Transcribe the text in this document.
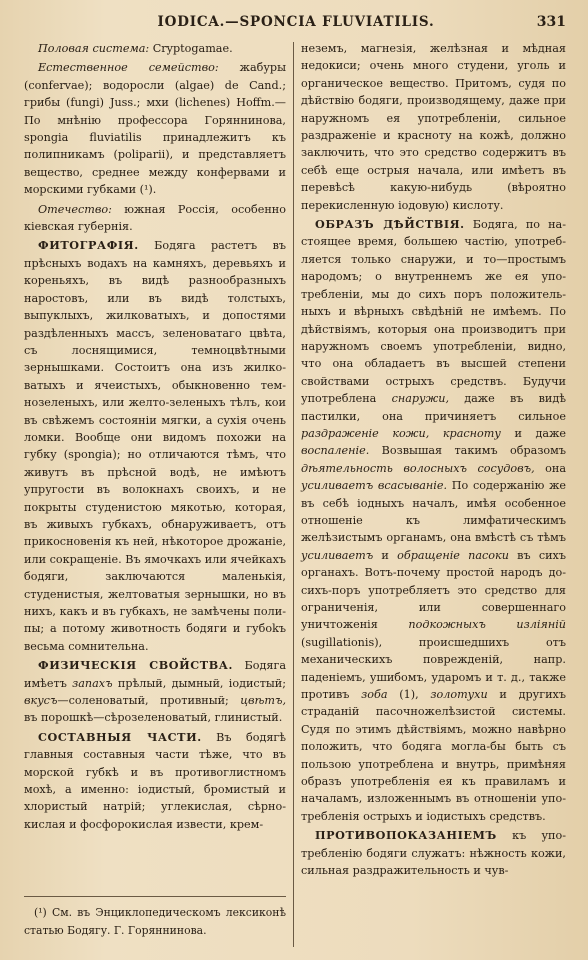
IODICA.—SPONCIA FLUVIATILIS.	331

Половая система: Cryptogamae.

Естественное семейство: жабуры (confervae); водоросли (algae) de Cand.; грибы (fungi) Juss.; мхи (lichenes) Hoffm.— По мнѣнію профессора Горяннинова, spongia fluviatilis принадлежитъ къ полипникамъ (poliparii), и представляетъ вещество, среднее между конфервами и морскими губками (¹).

Отечество: южная Россія, особенно кіевская губернія.

ФИТОГРАФІЯ. Бодяга растетъ въ прѣсныхъ водахъ на камняхъ, деревьяхъ и кореньяхъ, въ видѣ разнообразныхъ наростовъ, или въ видѣ толстыхъ, выпуклыхъ, жилковатыхъ, и дoпостями раздѣленныхъ массъ, зеленоватаго цвѣта, съ лоснящимися, темноцвѣтными зернышками. Состоитъ она изъ жилковатыхъ и ячеистыхъ, обыкновенно темнозеленыхъ, или желто-зеленыхъ тѣлъ, кои въ свѣжемъ состояніи мягки, а сухія очень ломки. Вообще они видомъ похожи на губку (spongia); но отличаются тѣмъ, что живутъ въ прѣсной водѣ, не имѣютъ упругости въ волокнахъ своихъ, и не покрыты студенистою мякотью, которая, въ живыхъ губкахъ, обнаруживаетъ, отъ прикосновенія къ ней, нѣкоторое дрожаніе, или сокращеніе. Въ ямочкахъ или ячейкахъ бодяги, заключаются маленькія, студенистыя, желтоватыя зернышки, но въ нихъ, какъ и въ губкахъ, не замѣчены полипы; а потому животность бодяги и губokъ весьма сомнительна.

ФИЗИЧЕСКІЯ СВОЙСТВА. Бодяга имѣетъ запахъ прѣлый, дымный, іодистый; вкусъ—соленоватый, противный; цвѣтъ, въ порошкѣ—сѣрозеленоватый, глинистый.

СОСТАВНЫЯ ЧАСТИ. Въ бодягѣ главныя составныя части тѣже, что въ морской губкѣ и въ противоглистномъ мохѣ, а именно: іодистый, бромистый и хлористый натрій; углекислая, сѣрнокислая и фосфорокислая извести, крем-

(¹) См. въ Энциклопедическомъ лексиконѣ статью Бодягу. Г. Горяннинова.

неземъ, магнезія, желѣзная и мѣдная недокиси; очень много студени, уголь и органическое вещество. Притомъ, судя по дѣйствію бодяги, производящему, даже при наружномъ ея употребленіи, сильное раздраженіе и красноту на кожѣ, должно заключить, что это средство содержитъ въ себѣ еще острыя начала, или имѣетъ въ перевѣсѣ какую-нибудь (вѣроятно перекисленную іодовую) кислоту.

ОБРАЗЪ ДѢЙСТВІЯ. Бодяга, по настоящее время, большею частію, употребляется только снаружи, и то—простымъ народомъ; о внутреннемъ же ея употребленіи, мы до сихъ поръ положительныхъ и вѣрныхъ свѣдѣній не имѣемъ. По дѣйствіямъ, которыя она производитъ при наружномъ своемъ употребленіи, видно, что она обладаетъ въ высшей степени свойствами острыхъ средствъ. Будучи употреблена снаружи, даже въ видѣ пастилки, она причиняетъ сильное раздраженіе кожи, красноту и даже воспаленіе. Возвышая такимъ образомъ дѣятельность волосныхъ сосудовъ, она усиливаетъ всасываніе. По содержанію же въ себѣ іодныхъ началъ, имѣя особенное отношеніе къ лимфатическимъ желѣзистымъ органамъ, она вмѣстѣ съ тѣмъ усиливаетъ и обращеніе пасоки въ сихъ органахъ. Вотъ-почему простой народъ до-сихъ-поръ употребляетъ это средство для ограниченія, или совершеннаго уничтоженія подкожныхъ излiяній (sugillationis), происшедшихъ отъ механическихъ поврежденій, напр. паденіемъ, ушибомъ, ударомъ и т. д., также противъ зоба (1), золотухи и другихъ страданій пасочножелѣзистой системы. Судя по этимъ дѣйствіямъ, можно навѣрно положить, что бодяга могла-бы быть съ пользою употреблена и внутрь, примѣняя образъ употребленія ея къ правиламъ и началамъ, изложеннымъ въ отношеніи употребленія острыхъ и іодистыхъ средствъ.

ПРОТИВОПОКАЗАНІЕМЪ къ употребленію бодяги служатъ: нѣжность кожи, сильная раздражительность и чув-
